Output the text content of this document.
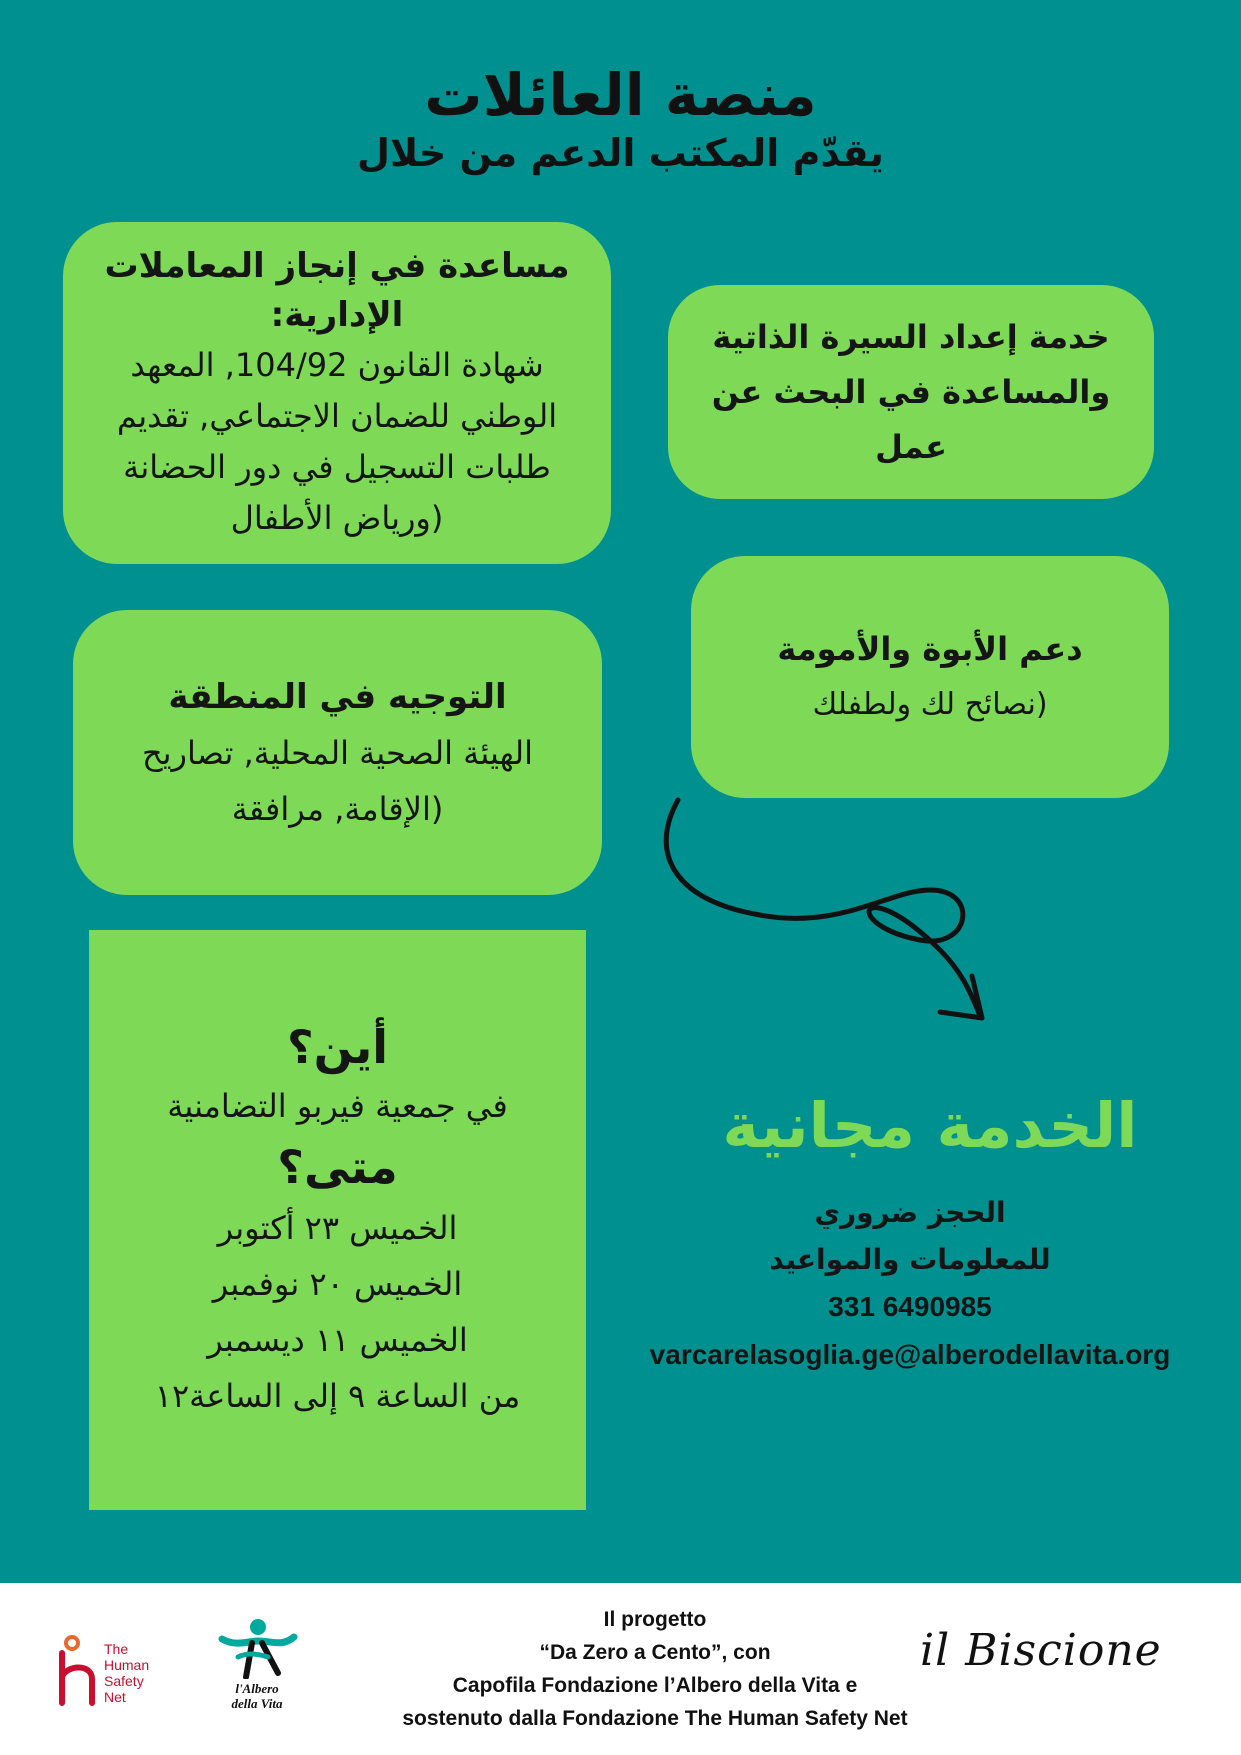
منصة العائلات
يقدّم المكتب الدعم من خلال

مساعدة في إنجاز المعاملات الإدارية:

شهادة القانون 104/92, المعهد

الوطني للضمان الاجتماعي, تقديم

طلبات التسجيل في دور الحضانة

(ورياض الأطفال

خدمة إعداد السيرة الذاتية

والمساعدة في البحث عن

عمل

دعم الأبوة والأمومة

(نصائح لك ولطفلك

التوجيه في المنطقة

الهيئة الصحية المحلية, تصاريح

(الإقامة, مرافقة

أين؟

في جمعية فيربو التضامنية

متى؟

الخميس ٢٣ أكتوبر

الخميس ٢٠ نوفمبر

الخميس ١١ ديسمبر

من الساعة ٩ إلى الساعة١٢

الخدمة مجانية
الحجز ضروري
للمعلومات والمواعيد
331 6490985
varcarelasoglia.ge@alberodellavita.org
The
Human
Safety
Net
l'Albero
della Vita
Il progetto
“Da Zero a Cento”, con
Capofila Fondazione l’Albero della Vita e
sostenuto dalla Fondazione The Human Safety Net
il Biscione
